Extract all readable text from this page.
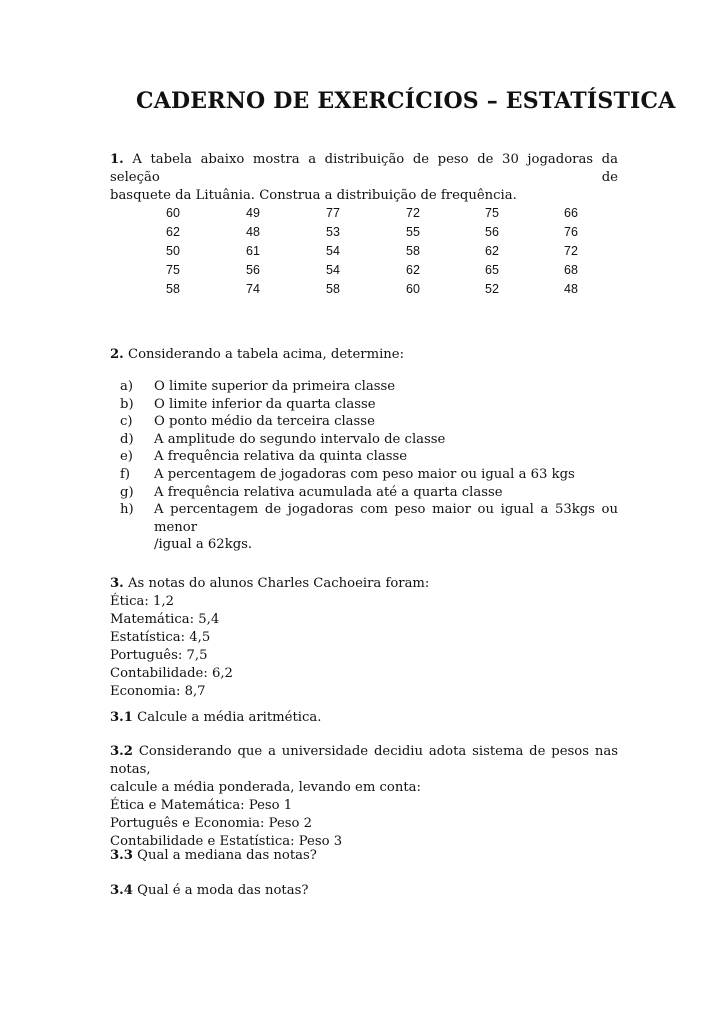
CADERNO DE EXERCÍCIOS – ESTATÍSTICA
1. A tabela abaixo mostra a distribuição de peso de 30 jogadoras da seleção de
basquete da Lituânia. Construa a distribuição de frequência.
60	49	77	72	75	66
62	48	53	55	56	76
50	61	54	58	62	72
75	56	54	62	65	68
58	74	58	60	52	48
2. Considerando a tabela acima, determine:
a) O limite superior da primeira classe
b) O limite inferior da quarta classe
c) O ponto médio da terceira classe
d) A amplitude do segundo intervalo de classe
e) A frequência relativa da quinta classe
f) A percentagem de jogadoras com peso maior ou igual a 63 kgs
g) A frequência relativa acumulada até a quarta classe
h) A percentagem de jogadoras com peso maior ou igual a 53kgs ou menor
/igual a 62kgs.
3. As notas do alunos Charles Cachoeira foram:
Ética: 1,2
Matemática: 5,4
Estatística: 4,5
Português: 7,5
Contabilidade: 6,2
Economia: 8,7
3.1 Calcule a média aritmética.
3.2 Considerando que a universidade decidiu adota sistema de pesos nas notas,
calcule a média ponderada, levando em conta:
Ética e Matemática: Peso 1
Português e Economia: Peso 2
Contabilidade e Estatística: Peso 3
3.3 Qual a mediana das notas?
3.4 Qual é a moda das notas?
